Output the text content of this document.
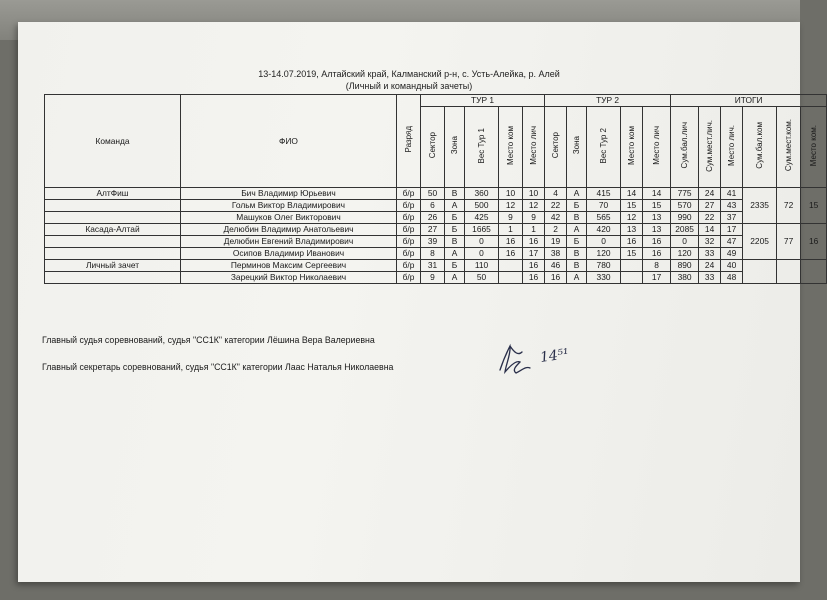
13-14.07.2019, Алтайский край, Калманский р-н, с. Усть-Алейка, р. Алей
(Личный и командный зачеты)
Команда	ФИО	Разряд	ТУР 1					ТУР 2					ИТОГИ					
			Сектор	Зона	Вес Тур 1	Место ком	Место лич	Сектор	Зона	Вес Тур 2	Место ком	Место лич	Сум.бал.лич	Сум.мест.лич.	Место лич.	Сум.бал.ком	Сум.мест.ком.	Место ком.
АлтФиш	Бич Владимир Юрьевич	б/р	50	В	360	10	10	4	А	415	14	14	775	24	41	2335	72	15
	Гольм Виктор Владимирович	б/р	6	А	500	12	12	22	Б	70	15	15	570	27	43			
	Машуков Олег Викторович	б/р	26	Б	425	9	9	42	В	565	12	13	990	22	37			
Касада-Алтай	Делюбин Владимир Анатольевич	б/р	27	Б	1665	1	1	2	А	420	13	13	2085	14	17	2205	77	16
	Делюбин Евгений Владимирович	б/р	39	В	0	16	16	19	Б	0	16	16	0	32	47			
	Осипов Владимир Иванович	б/р	8	А	0	16	17	38	В	120	15	16	120	33	49			
Личный зачет	Перминов Максим Сергеевич	б/р	31	Б	110		16	46	В	780		8	890	24	40			
	Зарецкий Виктор Николаевич	б/р	9	А	50		16	16	А	330		17	380	33	48			
Главный судья соревнований, судья "СС1К" категории Лёшина Вера Валериевна
Главный секретарь соревнований, судья "СС1К" категории Лаас Наталья Николаевна
14⁵¹
